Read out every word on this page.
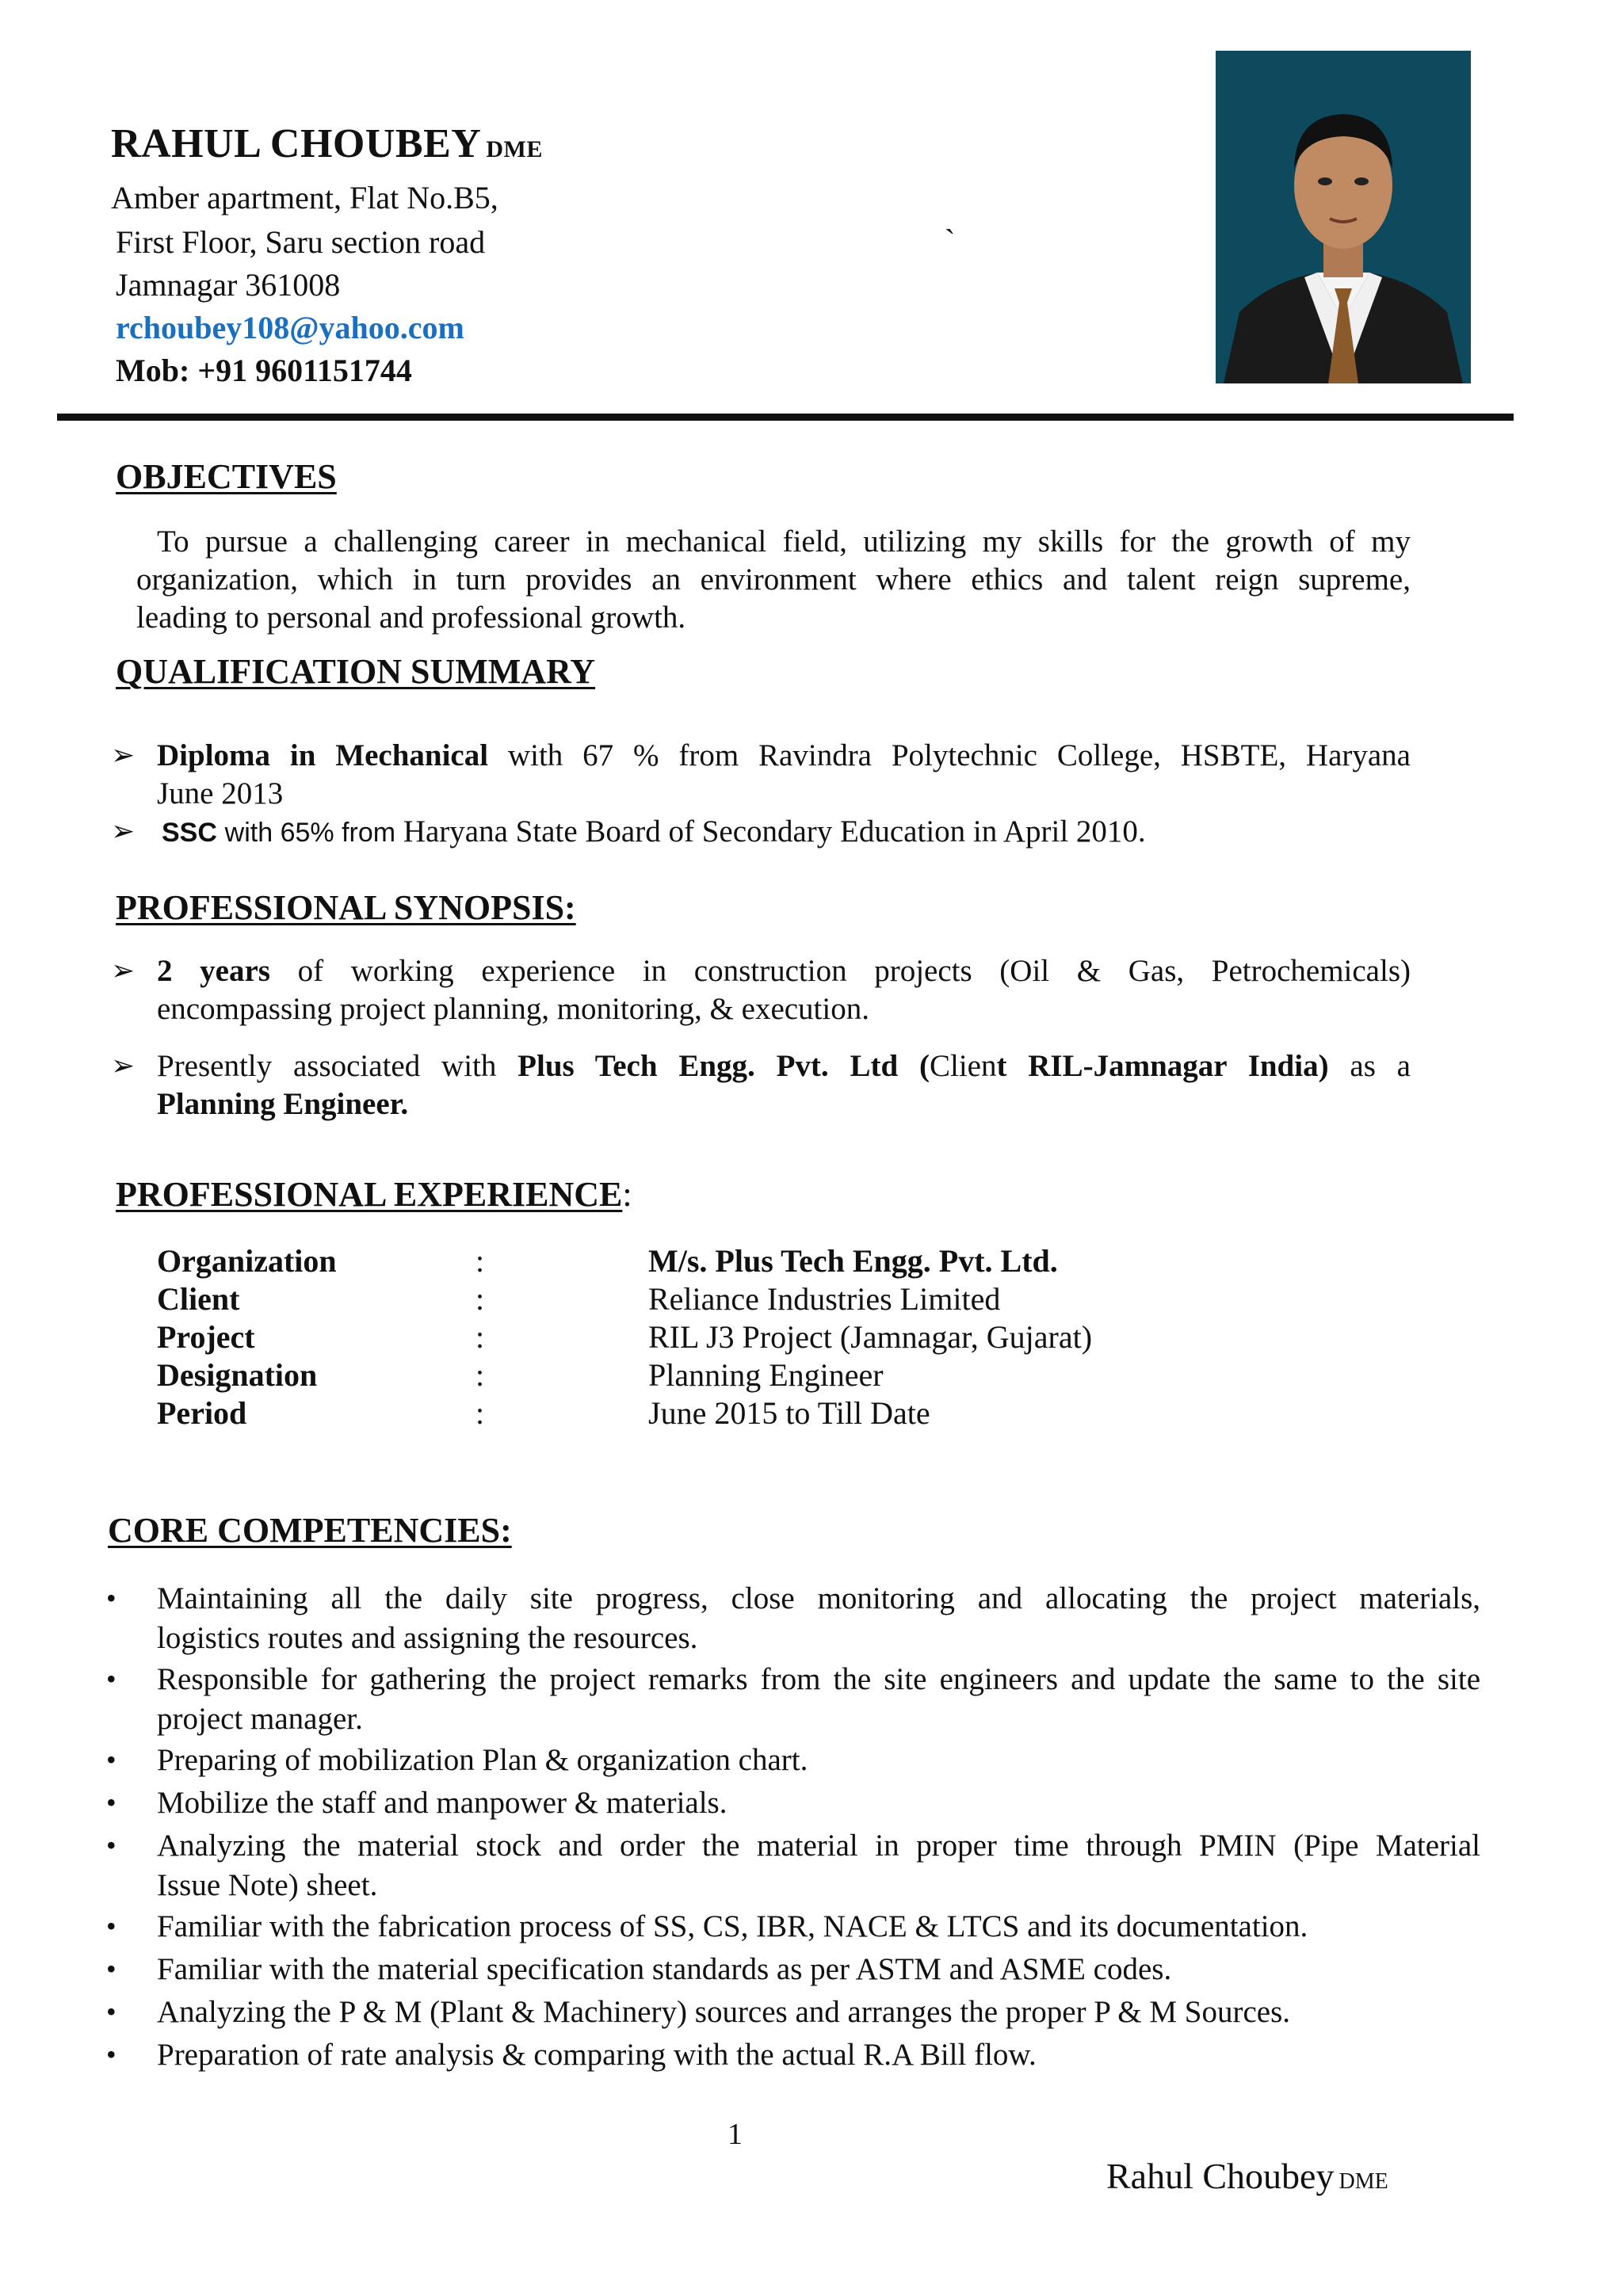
RAHUL CHOUBEY DME
Amber apartment, Flat No.B5,
First Floor, Saru section road
Jamnagar 361008
rchoubey108@yahoo.com
Mob: +91 9601151744
`
OBJECTIVES
To pursue a challenging career in mechanical field, utilizing my skills for the growth of my
organization, which in turn provides an environment where ethics and talent reign supreme,
leading to personal and professional growth.
QUALIFICATION SUMMARY
➢ Diploma in Mechanical with 67 % from Ravindra Polytechnic College, HSBTE, Haryana
June 2013
➢ SSC with 65% from Haryana State Board of Secondary Education in April 2010.
PROFESSIONAL SYNOPSIS:
➢ 2 years of working experience in construction projects (Oil & Gas, Petrochemicals)
encompassing project planning, monitoring, & execution.
➢ Presently associated with Plus Tech Engg. Pvt. Ltd (Client RIL-Jamnagar India) as a
Planning Engineer.
PROFESSIONAL EXPERIENCE:
Organization	:	M/s. Plus Tech Engg. Pvt. Ltd.
Client	:	Reliance Industries Limited
Project	:	RIL J3 Project (Jamnagar, Gujarat)
Designation	:	Planning Engineer
Period	:	June 2015 to Till Date
CORE COMPETENCIES:
• Maintaining all the daily site progress, close monitoring and allocating the project materials,
logistics routes and assigning the resources.
• Responsible for gathering the project remarks from the site engineers and update the same to the site
project manager.
• Preparing of mobilization Plan & organization chart.
• Mobilize the staff and manpower & materials.
• Analyzing the material stock and order the material in proper time through PMIN (Pipe Material
Issue Note) sheet.
• Familiar with the fabrication process of SS, CS, IBR, NACE & LTCS and its documentation.
• Familiar with the material specification standards as per ASTM and ASME codes.
• Analyzing the P & M (Plant & Machinery) sources and arranges the proper P & M Sources.
• Preparation of rate analysis & comparing with the actual R.A Bill flow.
1
Rahul Choubey DME
